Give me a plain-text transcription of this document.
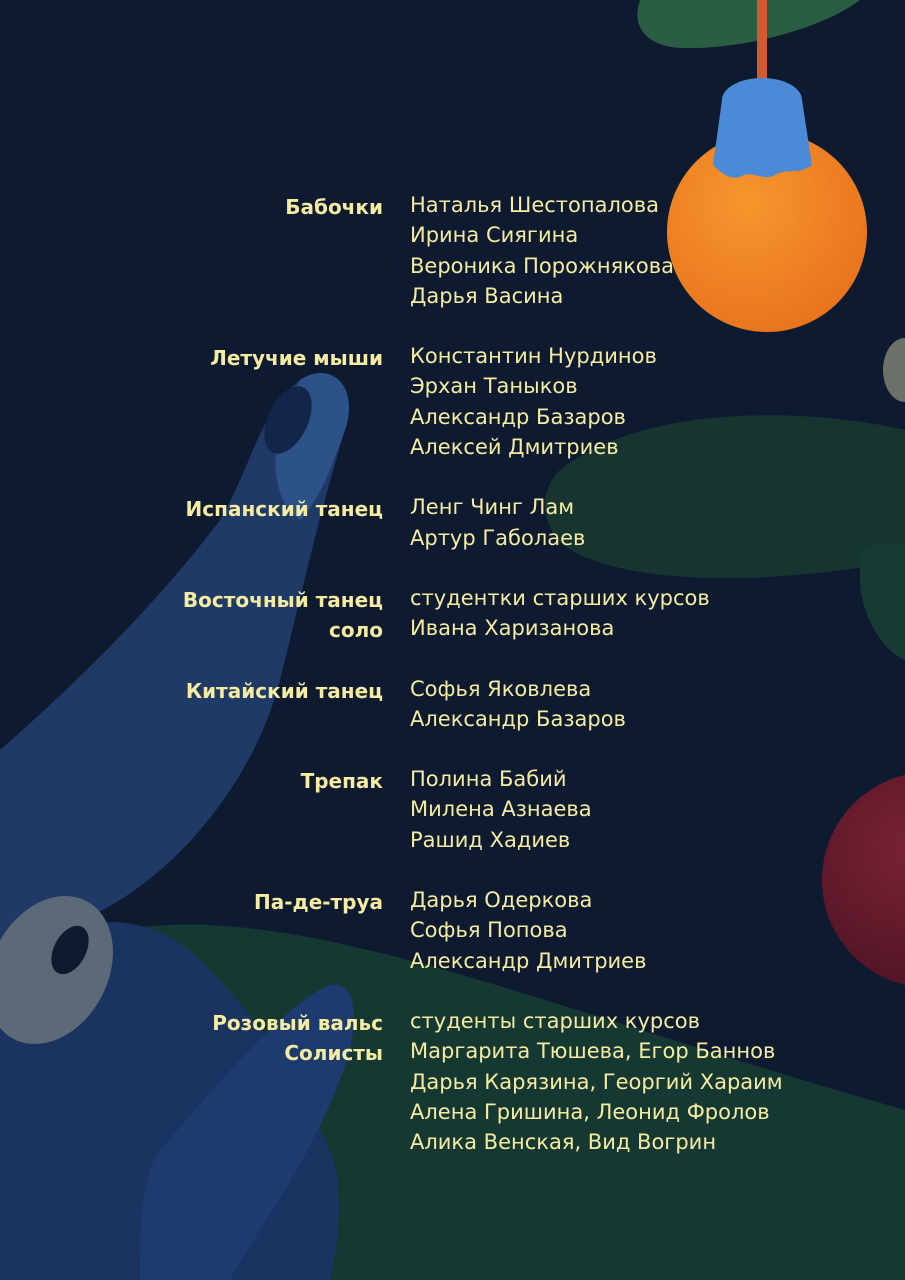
Бабочки Наталья Шестопалова
Ирина Сиягина
Вероника Порожнякова
Дарья Васина
Летучие мыши Константин Нурдинов
Эрхан Таныков
Александр Базаров
Алексей Дмитриев
Испанский танец Ленг Чинг Лам
Артур Габолаев
Восточный танец
соло
студентки старших курсов
Ивана Харизанова
Китайский танец Софья Яковлева
Александр Базаров
Трепак Полина Бабий
Милена Азнаева
Рашид Хадиев
Па-де-труа Дарья Одеркова
Софья Попова
Александр Дмитриев
Розовый вальс
Солисты
студенты старших курсов
Маргарита Тюшева, Егор Баннов
Дарья Карязина, Георгий Хараим
Алена Гришина, Леонид Фролов
Алика Венская, Вид Вогрин
